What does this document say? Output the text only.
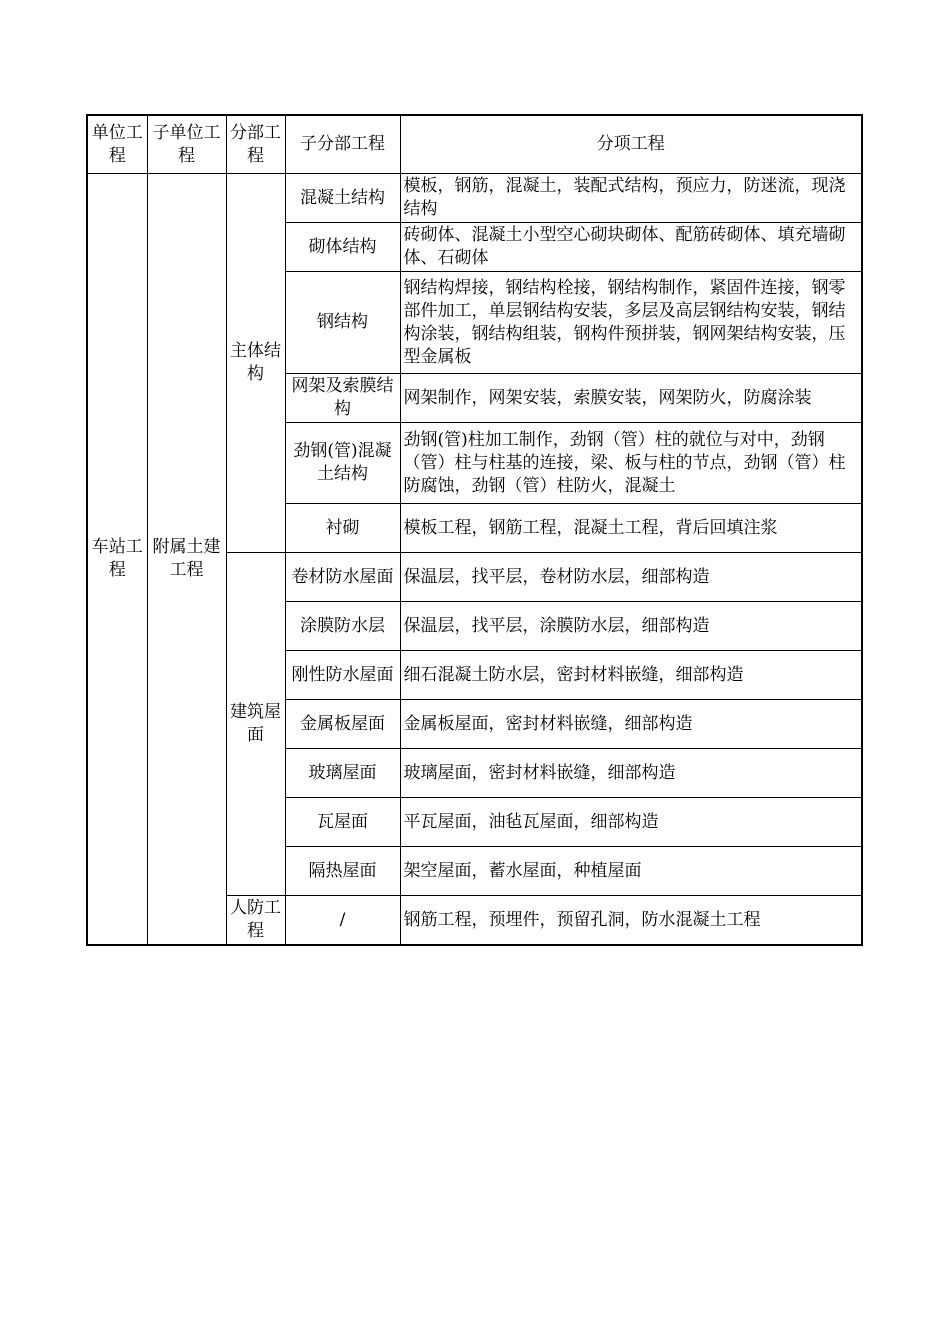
单位工程	子单位工程	分部工程	子分部工程	分项工程
车站工程	附属土建工程	主体结构	混凝土结构	模板，钢筋，混凝土，装配式结构，预应力，防迷流，现浇结构
			砌体结构	砖砌体、混凝土小型空心砌块砌体、配筋砖砌体、填充墙砌体、石砌体
			钢结构	钢结构焊接，钢结构栓接，钢结构制作，紧固件连接，钢零部件加工，单层钢结构安装，多层及高层钢结构安装，钢结构涂装，钢结构组装，钢构件预拼装，钢网架结构安装，压型金属板
			网架及索膜结构	网架制作，网架安装，索膜安装，网架防火，防腐涂装
			劲钢(管)混凝土结构	劲钢(管)柱加工制作，劲钢（管）柱的就位与对中，劲钢（管）柱与柱基的连接，梁、板与柱的节点，劲钢（管）柱防腐蚀，劲钢（管）柱防火，混凝土
			衬砌	模板工程，钢筋工程，混凝土工程，背后回填注浆
		建筑屋面	卷材防水屋面	保温层，找平层，卷材防水层，细部构造
			涂膜防水层	保温层，找平层，涂膜防水层，细部构造
			刚性防水屋面	细石混凝土防水层，密封材料嵌缝，细部构造
			金属板屋面	金属板屋面，密封材料嵌缝，细部构造
			玻璃屋面	玻璃屋面，密封材料嵌缝，细部构造
			瓦屋面	平瓦屋面，油毡瓦屋面，细部构造
			隔热屋面	架空屋面，蓄水屋面，种植屋面
		人防工程	/	钢筋工程，预埋件，预留孔洞，防水混凝土工程
